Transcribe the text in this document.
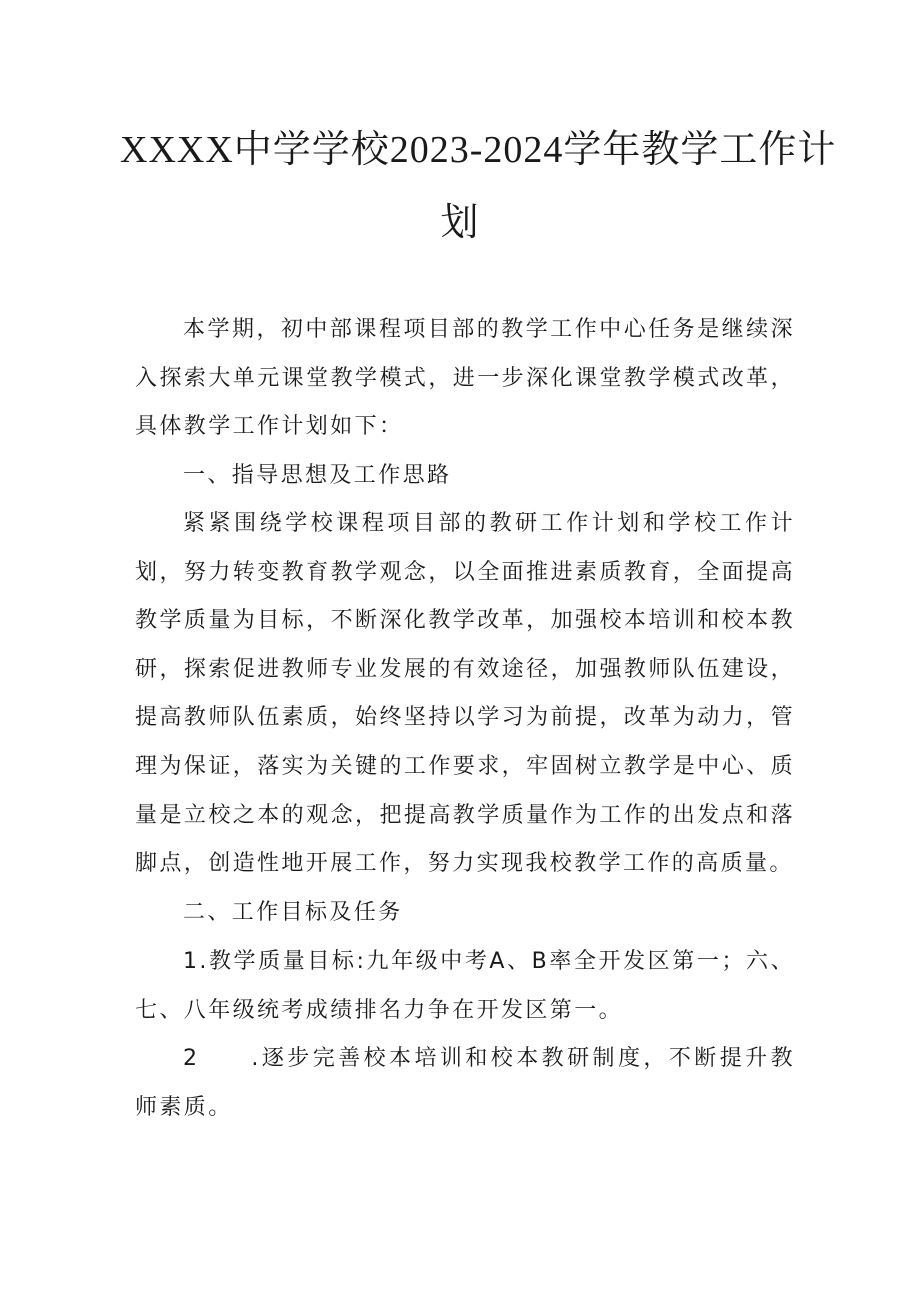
XXXX中学学校2023-2024学年教学工作计
划

本学期，初中部课程项目部的教学工作中心任务是继续深入探索大单元课堂教学模式，进一步深化课堂教学模式改革，具体教学工作计划如下：

一、指导思想及工作思路

紧紧围绕学校课程项目部的教研工作计划和学校工作计划，努力转变教育教学观念，以全面推进素质教育，全面提高教学质量为目标，不断深化教学改革，加强校本培训和校本教研，探索促进教师专业发展的有效途径，加强教师队伍建设，提高教师队伍素质，始终坚持以学习为前提，改革为动力，管理为保证，落实为关键的工作要求，牢固树立教学是中心、质量是立校之本的观念，把提高教学质量作为工作的出发点和落脚点，创造性地开展工作，努力实现我校教学工作的高质量。

二、工作目标及任务

1.教学质量目标:九年级中考A、B率全开发区第一；六、七、八年级统考成绩排名力争在开发区第一。

2 .逐步完善校本培训和校本教研制度，不断提升教师素质。
